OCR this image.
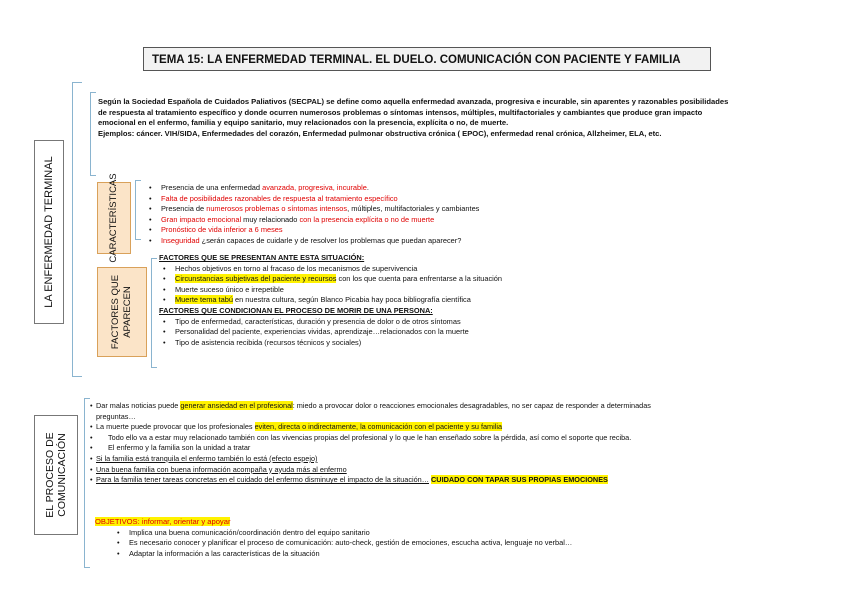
TEMA 15: LA ENFERMEDAD TERMINAL. EL DUELO. COMUNICACIÓN CON PACIENTE Y FAMILIA
LA ENFERMEDAD TERMINAL
Según la Sociedad Española de Cuidados Paliativos (SECPAL) se define como aquella enfermedad avanzada, progresiva e incurable, sin aparentes y razonables posibilidades
de respuesta al tratamiento específico y donde ocurren numerosos problemas o síntomas intensos, múltiples, multifactoriales y cambiantes que produce gran impacto
emocional en el enfermo, familia y equipo sanitario, muy relacionados con la presencia, explícita o no, de muerte.
Ejemplos: cáncer. VIH/SIDA, Enfermedades del corazón, Enfermedad pulmonar obstructiva crónica ( EPOC), enfermedad renal crónica, Allzheimer, ELA, etc.
CARACTERÍSTICAS
•	Presencia de una enfermedad avanzada, progresiva, incurable.
• Falta de posibilidades razonables de respuesta al tratamiento específico
• Presencia de numerosos problemas o síntomas intensos, múltiples, multifactoriales y cambiantes
• Gran impacto emocional muy relacionado con la presencia explícita o no de muerte
• Pronóstico de vida inferior a 6 meses
• Inseguridad ¿serán capaces de cuidarle y de resolver los problemas que puedan aparecer?
FACTORES QUE APARECEN
FACTORES QUE SE PRESENTAN ANTE ESTA SITUACIÓN:
• Hechos objetivos en torno al fracaso de los mecanismos de supervivencia
• Circunstancias subjetivas del paciente y recursos con los que cuenta para enfrentarse a la situación
• Muerte suceso único e irrepetible
• Muerte tema tabú en nuestra cultura, según Blanco Picabia hay poca bibliografía científica
FACTORES QUE CONDICIONAN EL PROCESO DE MORIR DE UNA PERSONA:
• Tipo de enfermedad, características, duración y presencia de dolor o de otros síntomas
• Personalidad del paciente, experiencias vividas, aprendizaje…relacionados con la muerte
• Tipo de asistencia recibida (recursos técnicos y sociales)
EL PROCESO DE COMUNICACIÓN
• Dar malas noticias puede generar ansiedad en el profesional: miedo a provocar dolor o reacciones emocionales desagradables, no ser capaz de responder a determinadas
preguntas…
• La muerte puede provocar que los profesionales eviten, directa o indirectamente, la comunicación con el paciente y su familia
• Todo ello va a estar muy relacionado también con las vivencias propias del profesional y lo que le han enseñado sobre la pérdida, así como el soporte que reciba.
• El enfermo y la familia son la unidad a tratar
• Si la familia está tranquila el enfermo también lo está (efecto espejo)
• Una buena familia con buena información acompaña y ayuda más al enfermo
• Para la familia tener tareas concretas en el cuidado del enfermo disminuye el impacto de la situación… CUIDADO CON TAPAR SUS PROPIAS EMOCIONES
OBJETIVOS: informar, orientar y apoyar
• Implica una buena comunicación/coordinación dentro del equipo sanitario
• Es necesario conocer y planificar el proceso de comunicación: auto-check, gestión de emociones, escucha activa, lenguaje no verbal…
• Adaptar la información a las características de la situación
